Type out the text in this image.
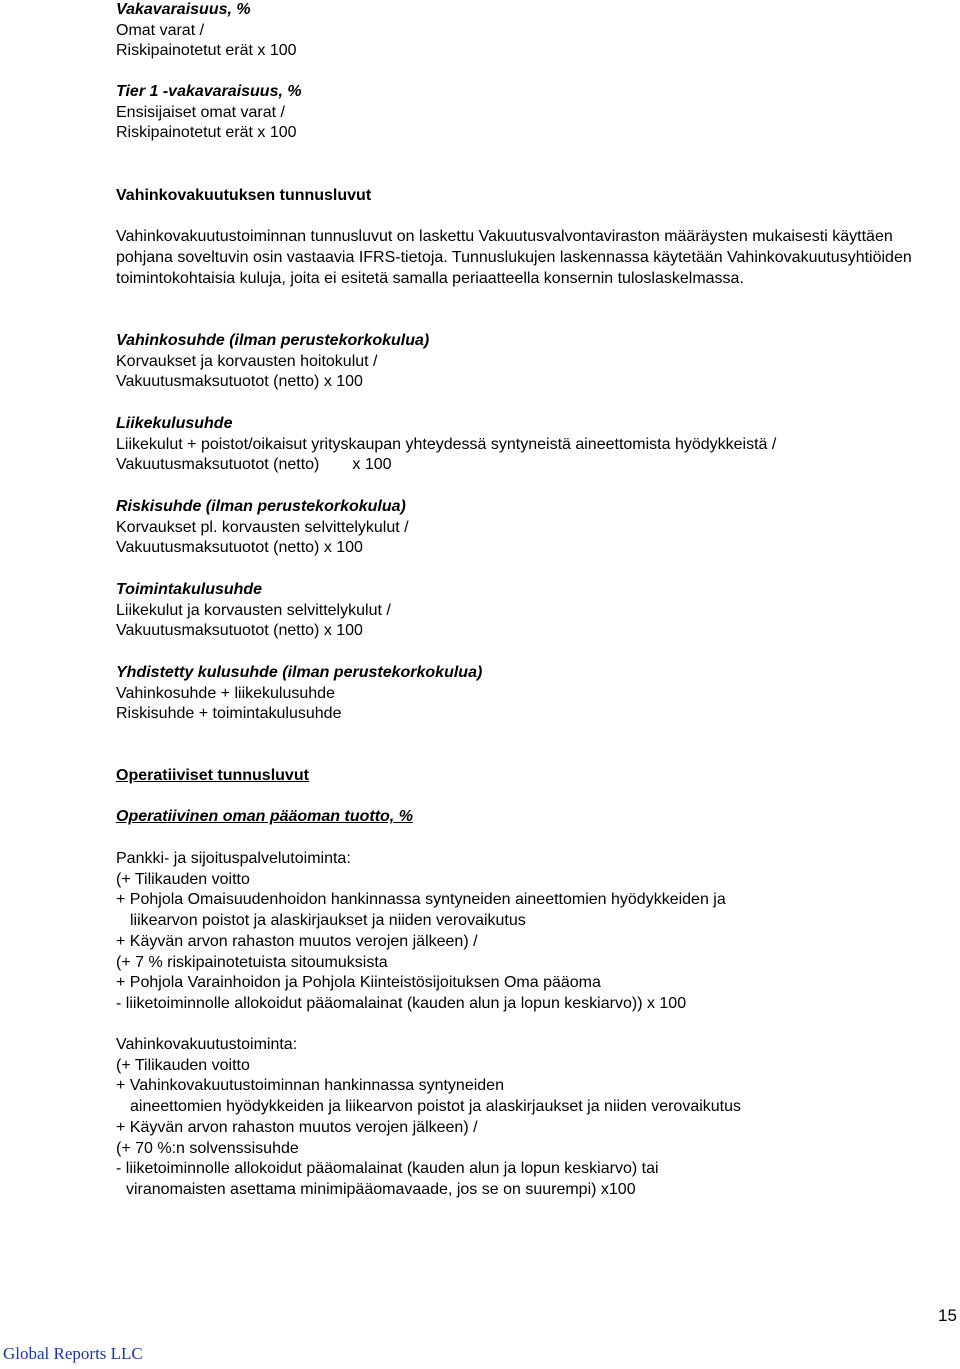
Vakavaraisuus, %
Omat varat /
Riskipainotetut erät x 100
Tier 1 -vakavaraisuus, %
Ensisijaiset omat varat /
Riskipainotetut erät x 100
Vahinkovakuutuksen tunnusluvut
Vahinkovakuutustoiminnan tunnusluvut on laskettu Vakuutusvalvontaviraston määräysten mukaisesti käyttäen pohjana soveltuvin osin vastaavia IFRS-tietoja. Tunnuslukujen laskennassa käytetään Vahinkovakuutusyhtiöiden toimintokohtaisia kuluja, joita ei esitetä samalla periaatteella konsernin tuloslaskelmassa.
Vahinkosuhde (ilman perustekorkokulua)
Korvaukset ja korvausten hoitokulut /
Vakuutusmaksutuotot (netto) x 100
Liikekulusuhde
Liikekulut + poistot/oikaisut yrityskaupan yhteydessä syntyneistä aineettomista hyödykkeistä /
Vakuutusmaksutuotot (netto) x 100
Riskisuhde (ilman perustekorkokulua)
Korvaukset pl. korvausten selvittelykulut /
Vakuutusmaksutuotot (netto) x 100
Toimintakulusuhde
Liikekulut ja korvausten selvittelykulut /
Vakuutusmaksutuotot (netto) x 100
Yhdistetty kulusuhde (ilman perustekorkokulua)
Vahinkosuhde + liikekulusuhde
Riskisuhde + toimintakulusuhde
Operatiiviset tunnusluvut
Operatiivinen oman pääoman tuotto, %
Pankki- ja sijoituspalvelutoiminta:
(+ Tilikauden voitto
+ Pohjola Omaisuudenhoidon hankinnassa syntyneiden aineettomien hyödykkeiden ja
liikearvon poistot ja alaskirjaukset ja niiden verovaikutus
+ Käyvän arvon rahaston muutos verojen jälkeen) /
(+ 7 % riskipainotetuista sitoumuksista
+ Pohjola Varainhoidon ja Pohjola Kiinteistösijoituksen Oma pääoma
- liiketoiminnolle allokoidut pääomalainat (kauden alun ja lopun keskiarvo)) x 100
Vahinkovakuutustoiminta:
(+ Tilikauden voitto
+ Vahinkovakuutustoiminnan hankinnassa syntyneiden
aineettomien hyödykkeiden ja liikearvon poistot ja alaskirjaukset ja niiden verovaikutus
+ Käyvän arvon rahaston muutos verojen jälkeen) /
(+ 70 %:n solvenssisuhde
- liiketoiminnolle allokoidut pääomalainat (kauden alun ja lopun keskiarvo) tai
viranomaisten asettama minimipääomavaade, jos se on suurempi) x100
15
Global Reports LLC
